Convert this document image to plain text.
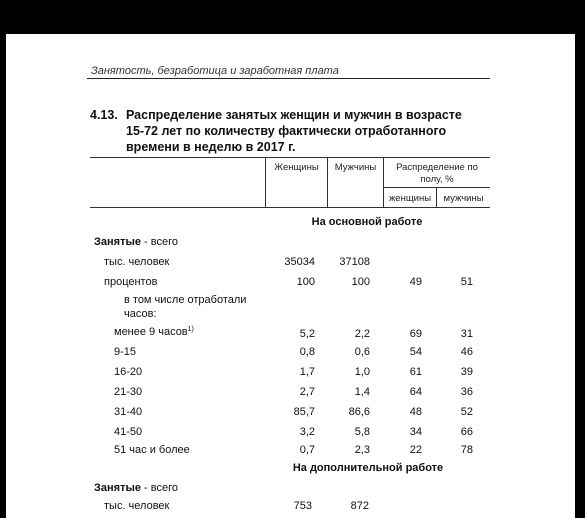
Занятость, безработица и заработная плата
4.13. Распределение занятых женщин и мужчин в возрасте
15-72 лет по количеству фактически отработанного
времени в неделю в 2017 г.
Женщины	Мужчины	Распределение по полу, %
женщины	мужчины
На основной работе
Занятые - всего
тыс. человек	35034	37108
процентов	100	100	49	51
в том числе отработали
часов:
менее 9 часов$^{1)}$	5,2	2,2	69	31
9-15	0,8	0,6	54	46
16-20	1,7	1,0	61	39
21-30	2,7	1,4	64	36
31-40	85,7	86,6	48	52
41-50	3,2	5,8	34	66
51 час и более	0,7	2,3	22	78
На дополнительной работе
Занятые - всего
тыс. человек	753	872
